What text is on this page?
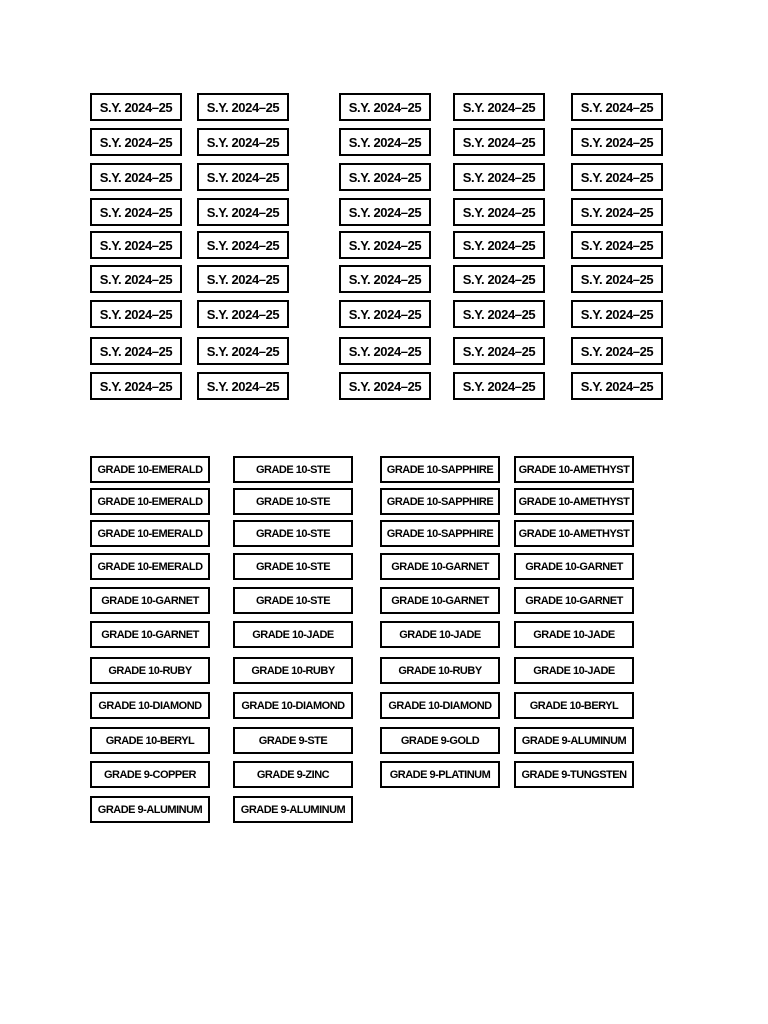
S.Y. 2024–25	S.Y. 2024–25	S.Y. 2024–25	S.Y. 2024–25	S.Y. 2024–25
S.Y. 2024–25	S.Y. 2024–25	S.Y. 2024–25	S.Y. 2024–25	S.Y. 2024–25
S.Y. 2024–25	S.Y. 2024–25	S.Y. 2024–25	S.Y. 2024–25	S.Y. 2024–25
S.Y. 2024–25	S.Y. 2024–25	S.Y. 2024–25	S.Y. 2024–25	S.Y. 2024–25
S.Y. 2024–25	S.Y. 2024–25	S.Y. 2024–25	S.Y. 2024–25	S.Y. 2024–25
S.Y. 2024–25	S.Y. 2024–25	S.Y. 2024–25	S.Y. 2024–25	S.Y. 2024–25
S.Y. 2024–25	S.Y. 2024–25	S.Y. 2024–25	S.Y. 2024–25	S.Y. 2024–25
S.Y. 2024–25	S.Y. 2024–25	S.Y. 2024–25	S.Y. 2024–25	S.Y. 2024–25
S.Y. 2024–25	S.Y. 2024–25	S.Y. 2024–25	S.Y. 2024–25	S.Y. 2024–25
GRADE 10-EMERALD	GRADE 10-STE	GRADE 10-SAPPHIRE	GRADE 10-AMETHYST
GRADE 10-EMERALD	GRADE 10-STE	GRADE 10-SAPPHIRE	GRADE 10-AMETHYST
GRADE 10-EMERALD	GRADE 10-STE	GRADE 10-SAPPHIRE	GRADE 10-AMETHYST
GRADE 10-EMERALD	GRADE 10-STE	GRADE 10-GARNET	GRADE 10-GARNET
GRADE 10-GARNET	GRADE 10-STE	GRADE 10-GARNET	GRADE 10-GARNET
GRADE 10-GARNET	GRADE 10-JADE	GRADE 10-JADE	GRADE 10-JADE
GRADE 10-RUBY	GRADE 10-RUBY	GRADE 10-RUBY	GRADE 10-JADE
GRADE 10-DIAMOND	GRADE 10-DIAMOND	GRADE 10-DIAMOND	GRADE 10-BERYL
GRADE 10-BERYL	GRADE 9-STE	GRADE 9-GOLD	GRADE 9-ALUMINUM
GRADE 9-COPPER	GRADE 9-ZINC	GRADE 9-PLATINUM	GRADE 9-TUNGSTEN
GRADE 9-ALUMINUM	GRADE 9-ALUMINUM
